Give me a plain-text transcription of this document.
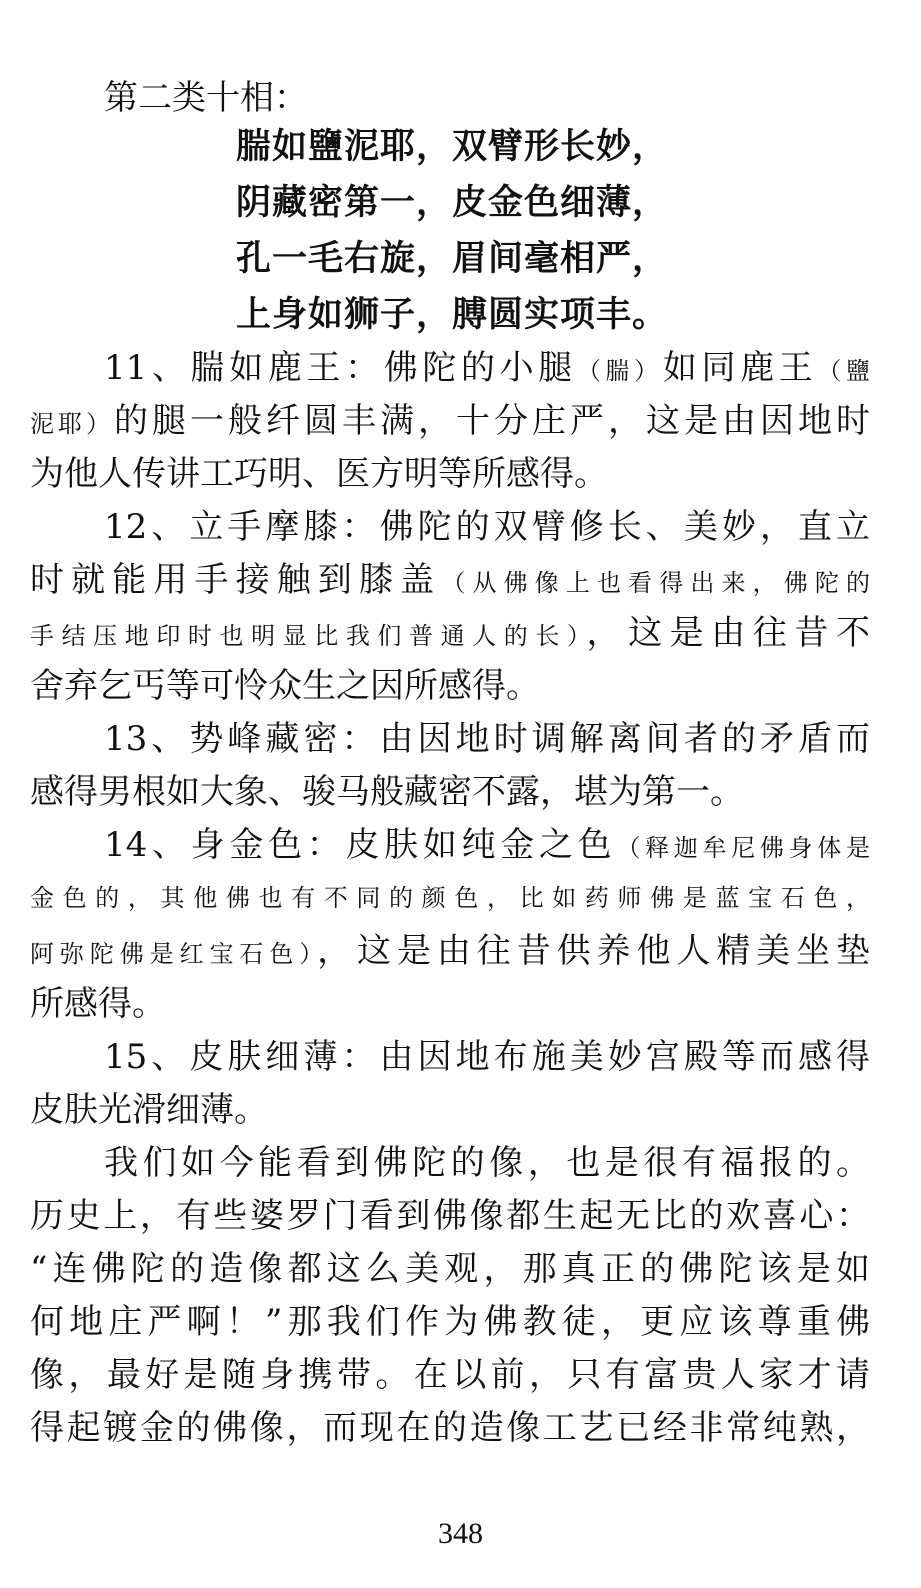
第二类十相：
腨如鹽泥耶，双臂形长妙，
阴藏密第一，皮金色细薄，
孔一毛右旋，眉间毫相严，
上身如狮子，膊圆实项丰。
11、腨如鹿王：佛陀的小腿（腨）如同鹿王（鹽
泥耶）的腿一般纤圆丰满，十分庄严，这是由因地时
为他人传讲工巧明、医方明等所感得。
12、立手摩膝：佛陀的双臂修长、美妙，直立
时就能用手接触到膝盖（从佛像上也看得出来，佛陀的
手结压地印时也明显比我们普通人的长），这是由往昔不
舍弃乞丐等可怜众生之因所感得。
13、势峰藏密：由因地时调解离间者的矛盾而
感得男根如大象、骏马般藏密不露，堪为第一。
14、身金色：皮肤如纯金之色（释迦牟尼佛身体是
金色的，其他佛也有不同的颜色，比如药师佛是蓝宝石色，
阿弥陀佛是红宝石色），这是由往昔供养他人精美坐垫
所感得。
15、皮肤细薄：由因地布施美妙宫殿等而感得
皮肤光滑细薄。
我们如今能看到佛陀的像，也是很有福报的。
历史上，有些婆罗门看到佛像都生起无比的欢喜心：
“连佛陀的造像都这么美观，那真正的佛陀该是如
何地庄严啊！”那我们作为佛教徒，更应该尊重佛
像，最好是随身携带。在以前，只有富贵人家才请
得起镀金的佛像，而现在的造像工艺已经非常纯熟，
348
